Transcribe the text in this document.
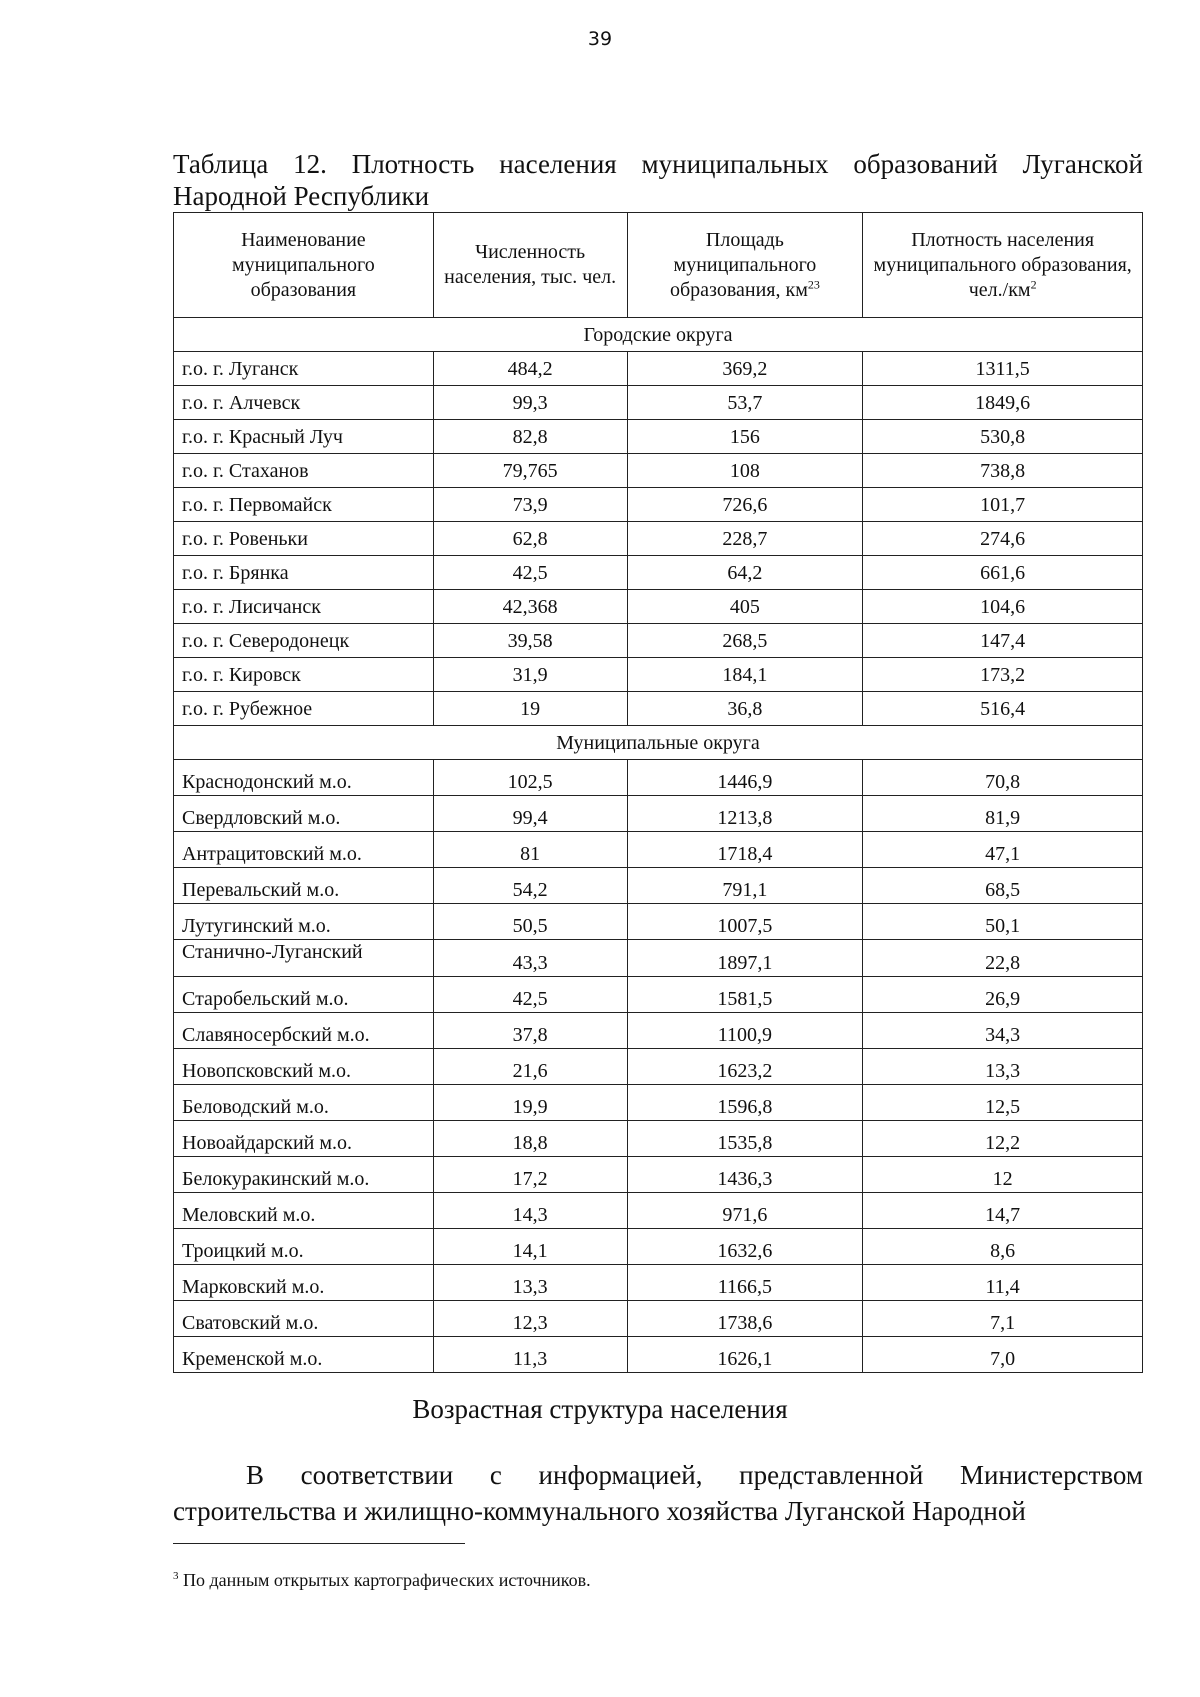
39
Таблица 12. Плотность населения муниципальных образований Луганской Народной Республики
Наименование муниципального образования	Численность населения, тыс. чел.	Площадь муниципального образования, $км^{23}$	Плотность населения муниципального образования, $чел./км^2$
Городские округа			
г.о. г. Луганск	484,2	369,2	1311,5
г.о. г. Алчевск	99,3	53,7	1849,6
г.о. г. Красный Луч	82,8	156	530,8
г.о. г. Стаханов	79,765	108	738,8
г.о. г. Первомайск	73,9	726,6	101,7
г.о. г. Ровеньки	62,8	228,7	274,6
г.о. г. Брянка	42,5	64,2	661,6
г.о. г. Лисичанск	42,368	405	104,6
г.о. г. Северодонецк	39,58	268,5	147,4
г.о. г. Кировск	31,9	184,1	173,2
г.о. г. Рубежное	19	36,8	516,4
Муниципальные округа			
Краснодонский м.о.	102,5	1446,9	70,8
Свердловский м.о.	99,4	1213,8	81,9
Антрацитовский м.о.	81	1718,4	47,1
Перевальский м.о.	54,2	791,1	68,5
Лутугинский м.о.	50,5	1007,5	50,1
Станично-Луганский	43,3	1897,1	22,8
Старобельский м.о.	42,5	1581,5	26,9
Славяносербский м.о.	37,8	1100,9	34,3
Новопсковский м.о.	21,6	1623,2	13,3
Беловодский м.о.	19,9	1596,8	12,5
Новоайдарский м.о.	18,8	1535,8	12,2
Белокуракинский м.о.	17,2	1436,3	12
Меловский м.о.	14,3	971,6	14,7
Троицкий м.о.	14,1	1632,6	8,6
Марковский м.о.	13,3	1166,5	11,4
Сватовский м.о.	12,3	1738,6	7,1
Кременской м.о.	11,3	1626,1	7,0
Возрастная структура населения
В соответствии с информацией, представленной Министерством строительства и жилищно-коммунального хозяйства Луганской Народной
$^3$ По данным открытых картографических источников.
